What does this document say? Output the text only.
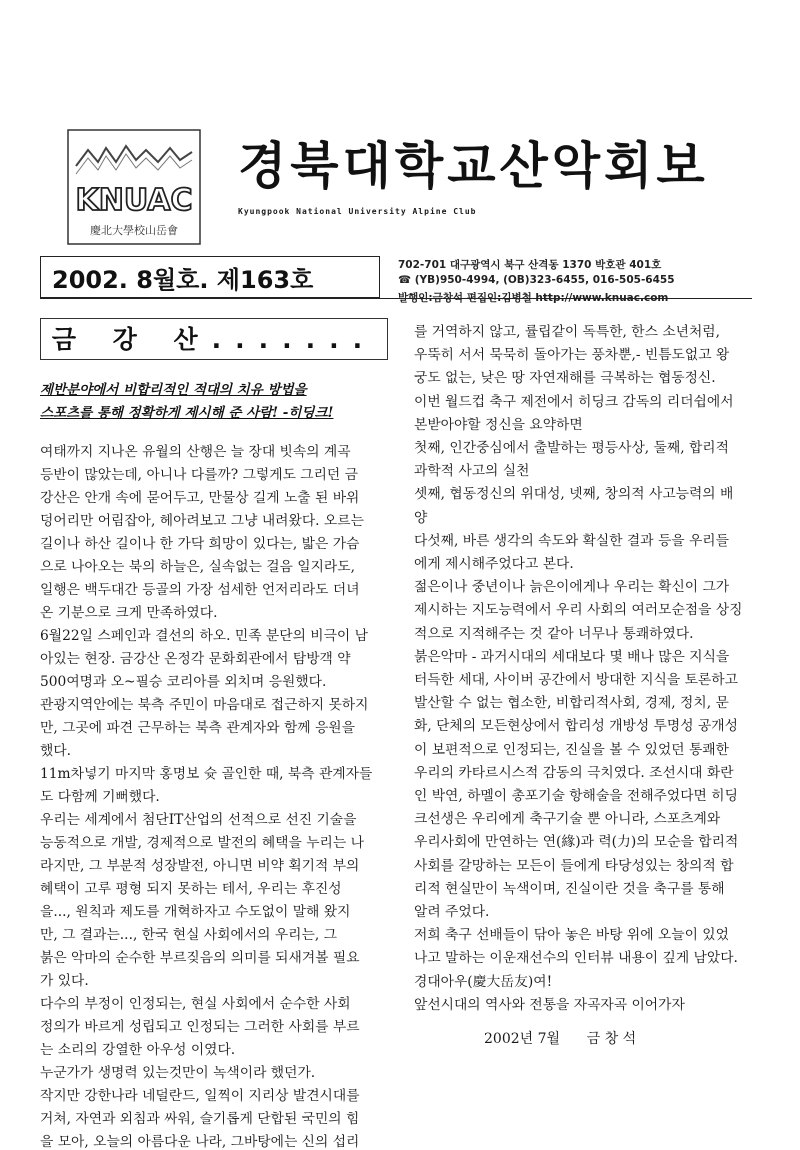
KNUAC
慶北大學校山岳會
경북대학교산악회보
Kyungpook National University Alpine Club
2002. 8월호. 제163호
702-701 대구광역시 북구 산격동 1370 박호관 401호
☎ (YB)950-4994, (OB)323-6455, 016-505-6455
발행인:금창석 편집인:김병철 http://www.knuac.com
금 강 산.......
제반분야에서 비합리적인 적대의 치유 방법을
스포츠를 통해 정확하게 제시해 준 사람! -히딩크!
여태까지 지나온 유월의 산행은 늘 장대 빗속의 계곡
등반이 많았는데, 아니나 다를까? 그렇게도 그리던 금
강산은 안개 속에 묻어두고, 만물상 길게 노출 된 바위
덩어리만 어림잡아, 헤아려보고 그냥 내려왔다. 오르는
길이나 하산 길이나 한 가닥 희망이 있다는, 밟은 가슴
으로 나아오는 북의 하늘은, 실속없는 걸음 일지라도,
일행은 백두대간 등골의 가장 섬세한 언저리라도 더녀
온 기분으로 크게 만족하였다.
6월22일 스페인과 결선의 하오. 민족 분단의 비극이 남
아있는 현장. 금강산 온정각 문화회관에서 탐방객 약
500여명과 오~필승 코리아를 외치며 응원했다.
관광지역안에는 북측 주민이 마음대로 접근하지 못하지
만, 그곳에 파견 근무하는 북측 관계자와 함께 응원을
했다.
11m차넣기 마지막 홍명보 슛 골인한 때, 북측 관계자들
도 다함께 기뻐했다.
우리는 세계에서 첨단IT산업의 선적으로 선진 기술을
능동적으로 개발, 경제적으로 발전의 혜택을 누리는 나
라지만, 그 부분적 성장발전, 아니면 비약 획기적 부의
혜택이 고루 평형 되지 못하는 테서, 우리는 후진성
을..., 원칙과 제도를 개혁하자고 수도없이 말해 왔지
만, 그 결과는..., 한국 현실 사회에서의 우리는, 그
붉은 악마의 순수한 부르짖음의 의미를 되새겨볼 필요
가 있다.
다수의 부정이 인정되는, 현실 사회에서 순수한 사회
정의가 바르게 성립되고 인정되는 그러한 사회를 부르
는 소리의 강열한 아우성 이였다.
누군가가 생명력 있는것만이 녹색이라 했던가.
작지만 강한나라 네덜란드, 일찍이 지리상 발견시대를
거쳐, 자연과 외침과 싸워, 슬기롭게 단합된 국민의 힘
을 모아, 오늘의 아름다운 나라, 그바탕에는 신의 섭리
를 거역하지 않고, 률립같이 독특한, 한스 소년처럼,
우뚝히 서서 묵묵히 돌아가는 풍차뿐,- 빈틈도없고 왕
궁도 없는, 낮은 땅 자연재해를 극복하는 협동정신.
이번 월드컵 축구 제전에서 히딩크 감독의 리더쉽에서
본받아야할 정신을 요약하면
첫째, 인간중심에서 출발하는 평등사상, 둘째, 합리적
과학적 사고의 실천
셋째, 협동정신의 위대성, 넷째, 창의적 사고능력의 배
양
다섯째, 바른 생각의 속도와 확실한 결과 등을 우리들
에게 제시해주었다고 본다.
젊은이나 중년이나 늙은이에게나 우리는 확신이 그가
제시하는 지도능력에서 우리 사회의 여러모순점을 상징
적으로 지적해주는 것 같아 너무나 통쾌하였다.
붉은악마 - 과거시대의 세대보다 몇 배나 많은 지식을
터득한 세대, 사이버 공간에서 방대한 지식을 토론하고
발산할 수 없는 협소한, 비합리적사회, 경제, 정치, 문
화, 단체의 모든현상에서 합리성 개방성 투명성 공개성
이 보편적으로 인정되는, 진실을 볼 수 있었던 통쾌한
우리의 카타르시스적 감동의 극치였다. 조선시대 화란
인 박연, 하멜이 총포기술 항해술을 전해주었다면 히딩
크선생은 우리에게 축구기술 뿐 아니라, 스포츠계와
우리사회에 만연하는 연(緣)과 력(力)의 모순을 합리적
사회를 갈망하는 모든이 들에게 타당성있는 창의적 합
리적 현실만이 녹색이며, 진실이란 것을 축구를 통해
알려 주었다.
저희 축구 선배들이 닦아 놓은 바탕 위에 오늘이 있었
나고 말하는 이운재선수의 인터뷰 내용이 깊게 남았다.
경대아우(慶大岳友)여!
앞선시대의 역사와 전통을 자곡자곡 이어가자
2002년 7월      금 창 석
